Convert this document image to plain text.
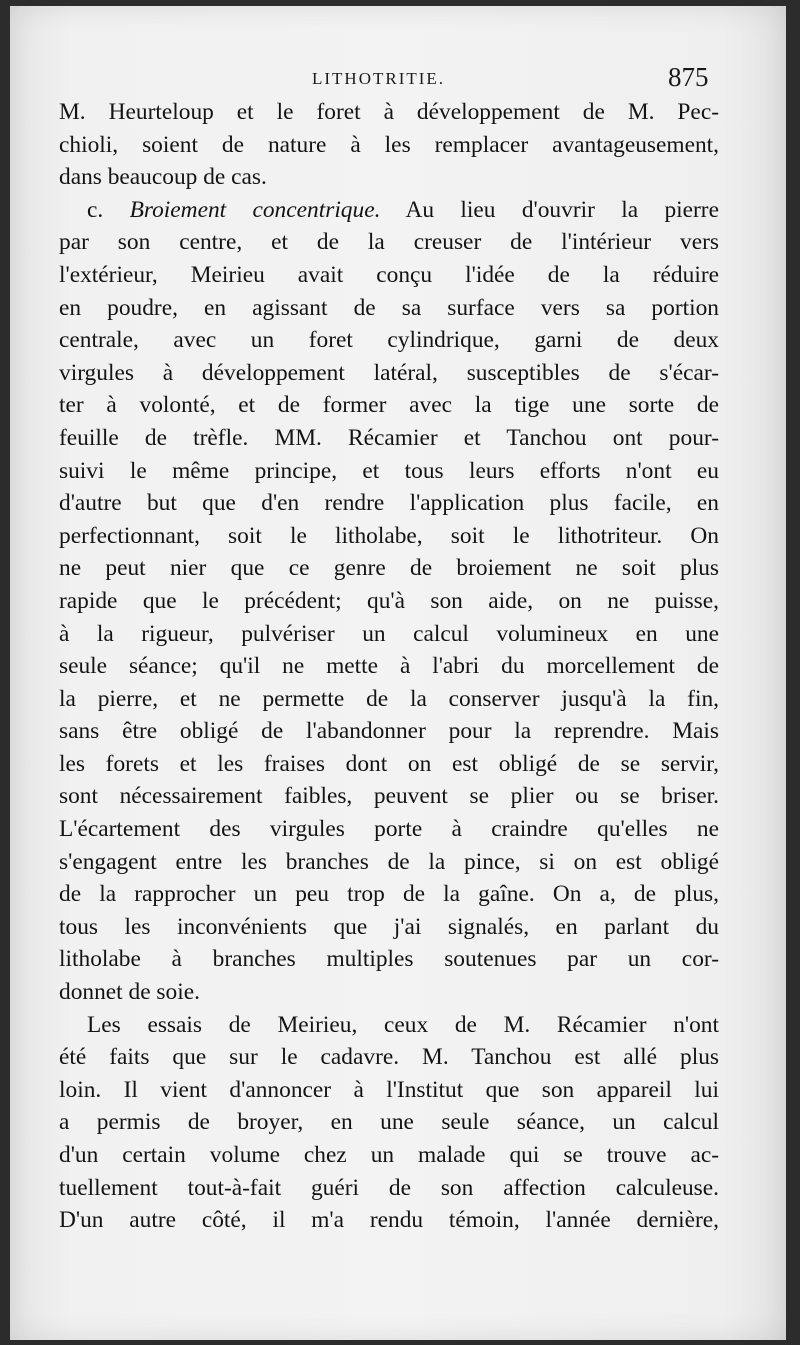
LITHOTRITIE.	875
M. Heurteloup et le foret à développement de M. Pec-
chioli, soient de nature à les remplacer avantageusement,
dans beaucoup de cas.
c. Broiement concentrique. Au lieu d'ouvrir la pierre
par son centre, et de la creuser de l'intérieur vers
l'extérieur, Meirieu avait conçu l'idée de la réduire
en poudre, en agissant de sa surface vers sa portion
centrale, avec un foret cylindrique, garni de deux
virgules à développement latéral, susceptibles de s'écar-
ter à volonté, et de former avec la tige une sorte de
feuille de trèfle. MM. Récamier et Tanchou ont pour-
suivi le même principe, et tous leurs efforts n'ont eu
d'autre but que d'en rendre l'application plus facile, en
perfectionnant, soit le litholabe, soit le lithotriteur. On
ne peut nier que ce genre de broiement ne soit plus
rapide que le précédent; qu'à son aide, on ne puisse,
à la rigueur, pulvériser un calcul volumineux en une
seule séance; qu'il ne mette à l'abri du morcellement de
la pierre, et ne permette de la conserver jusqu'à la fin,
sans être obligé de l'abandonner pour la reprendre. Mais
les forets et les fraises dont on est obligé de se servir,
sont nécessairement faibles, peuvent se plier ou se briser.
L'écartement des virgules porte à craindre qu'elles ne
s'engagent entre les branches de la pince, si on est obligé
de la rapprocher un peu trop de la gaîne. On a, de plus,
tous les inconvénients que j'ai signalés, en parlant du
litholabe à branches multiples soutenues par un cor-
donnet de soie.
Les essais de Meirieu, ceux de M. Récamier n'ont
été faits que sur le cadavre. M. Tanchou est allé plus
loin. Il vient d'annoncer à l'Institut que son appareil lui
a permis de broyer, en une seule séance, un calcul
d'un certain volume chez un malade qui se trouve ac-
tuellement tout-à-fait guéri de son affection calculeuse.
D'un autre côté, il m'a rendu témoin, l'année dernière,
